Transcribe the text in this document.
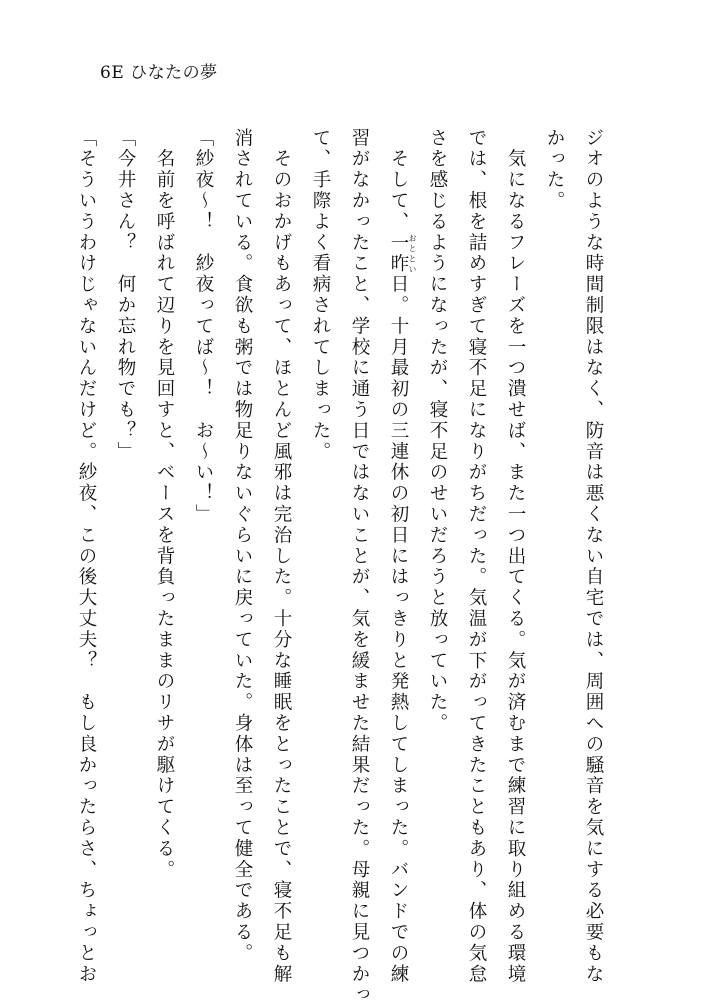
6E ひなたの夢
ジオのような時間制限はなく、防音は悪くない自宅では、周囲への騒音を気にする必要もな
かった。
　気になるフレーズを一つ潰せば、また一つ出てくる。気が済むまで練習に取り組める環境
では、根を詰めすぎて寝不足になりがちだった。気温が下がってきたこともあり、体の気怠
さを感じるようになったが、寝不足のせいだろうと放っていた。
　そして、一昨 おととい日。十月最初の三連休の初日にはっきりと発熱してしまった。バンドでの練
習がなかったこと、学校に通う日ではないことが、気を緩ませた結果だった。母親に見つかっ
て、手際よく看病されてしまった。
　そのおかげもあって、ほとんど風邪は完治した。十分な睡眠をとったことで、寝不足も解
消されている。食欲も粥では物足りないぐらいに戻っていた。身体は至って健全である。
「紗夜〜！　紗夜ってば〜！　お〜い！」
　名前を呼ばれて辺りを見回すと、ベースを背負ったままのリサが駆けてくる。
「今井さん？　何か忘れ物でも？」
「そういうわけじゃないんだけど。紗夜、この後大丈夫？　もし良かったらさ、ちょっとお
